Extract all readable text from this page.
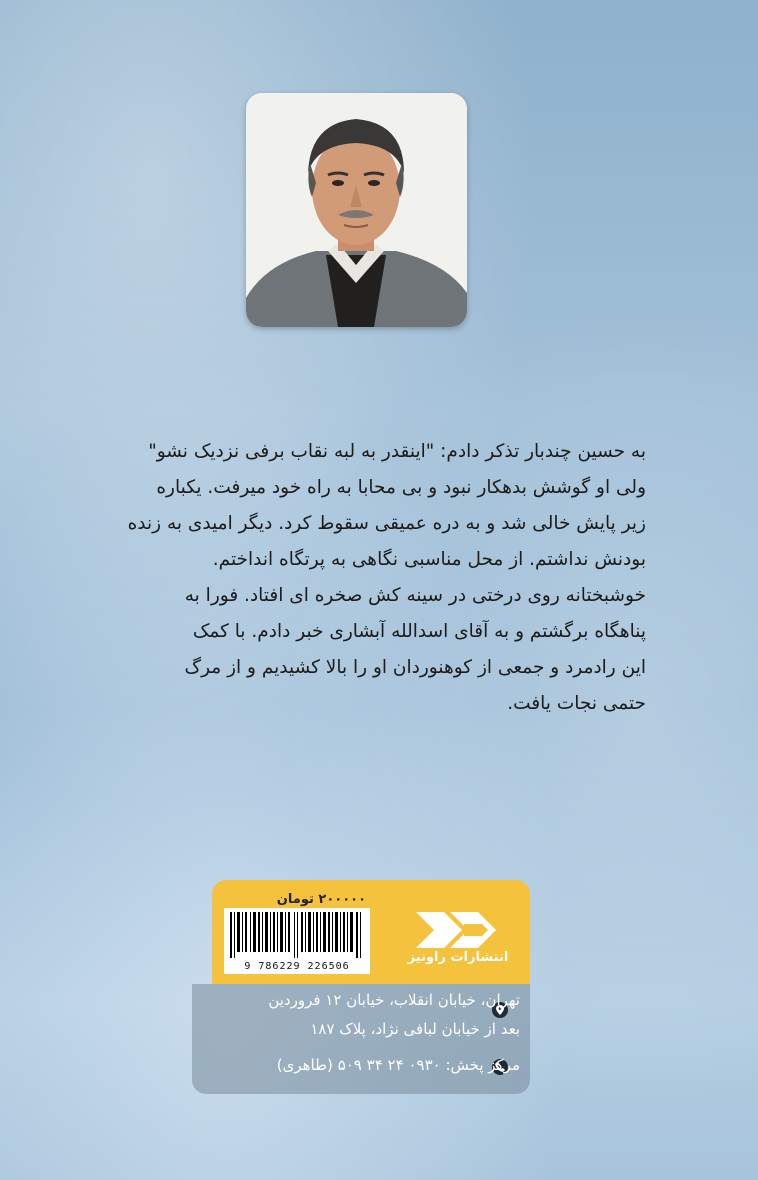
به حسین چندبار تذکر دادم: "اینقدر به لبه نقاب برفی نزدیک نشو"

ولی او گوشش بدهکار نبود و بی محابا به راه خود میرفت. یکباره

زیر پایش خالی شد و به دره عمیقی سقوط کرد. دیگر امیدی به زنده

بودنش نداشتم. از محل مناسبی نگاهی به پرتگاه انداختم.

خوشبختانه روی درختی در سینه کش صخره ای افتاد. فورا به

پناهگاه برگشتم و به آقای اسدالله آبشاری خبر دادم. با کمک

این رادمرد و جمعی از کوهنوردان او را بالا کشیدیم و از مرگ

حتمی نجات یافت.

۲۰۰۰۰۰ تومان
9 786229 226506
انتشارات راونیز
تهران، خیابان انقلاب، خیابان ۱۲ فروردین
بعد از خیابان لبافی نژاد، پلاک ۱۸۷
مرکز پخش: ۰۹۳۰ ۲۴ ۳۴ ۵۰۹ (طاهری)
